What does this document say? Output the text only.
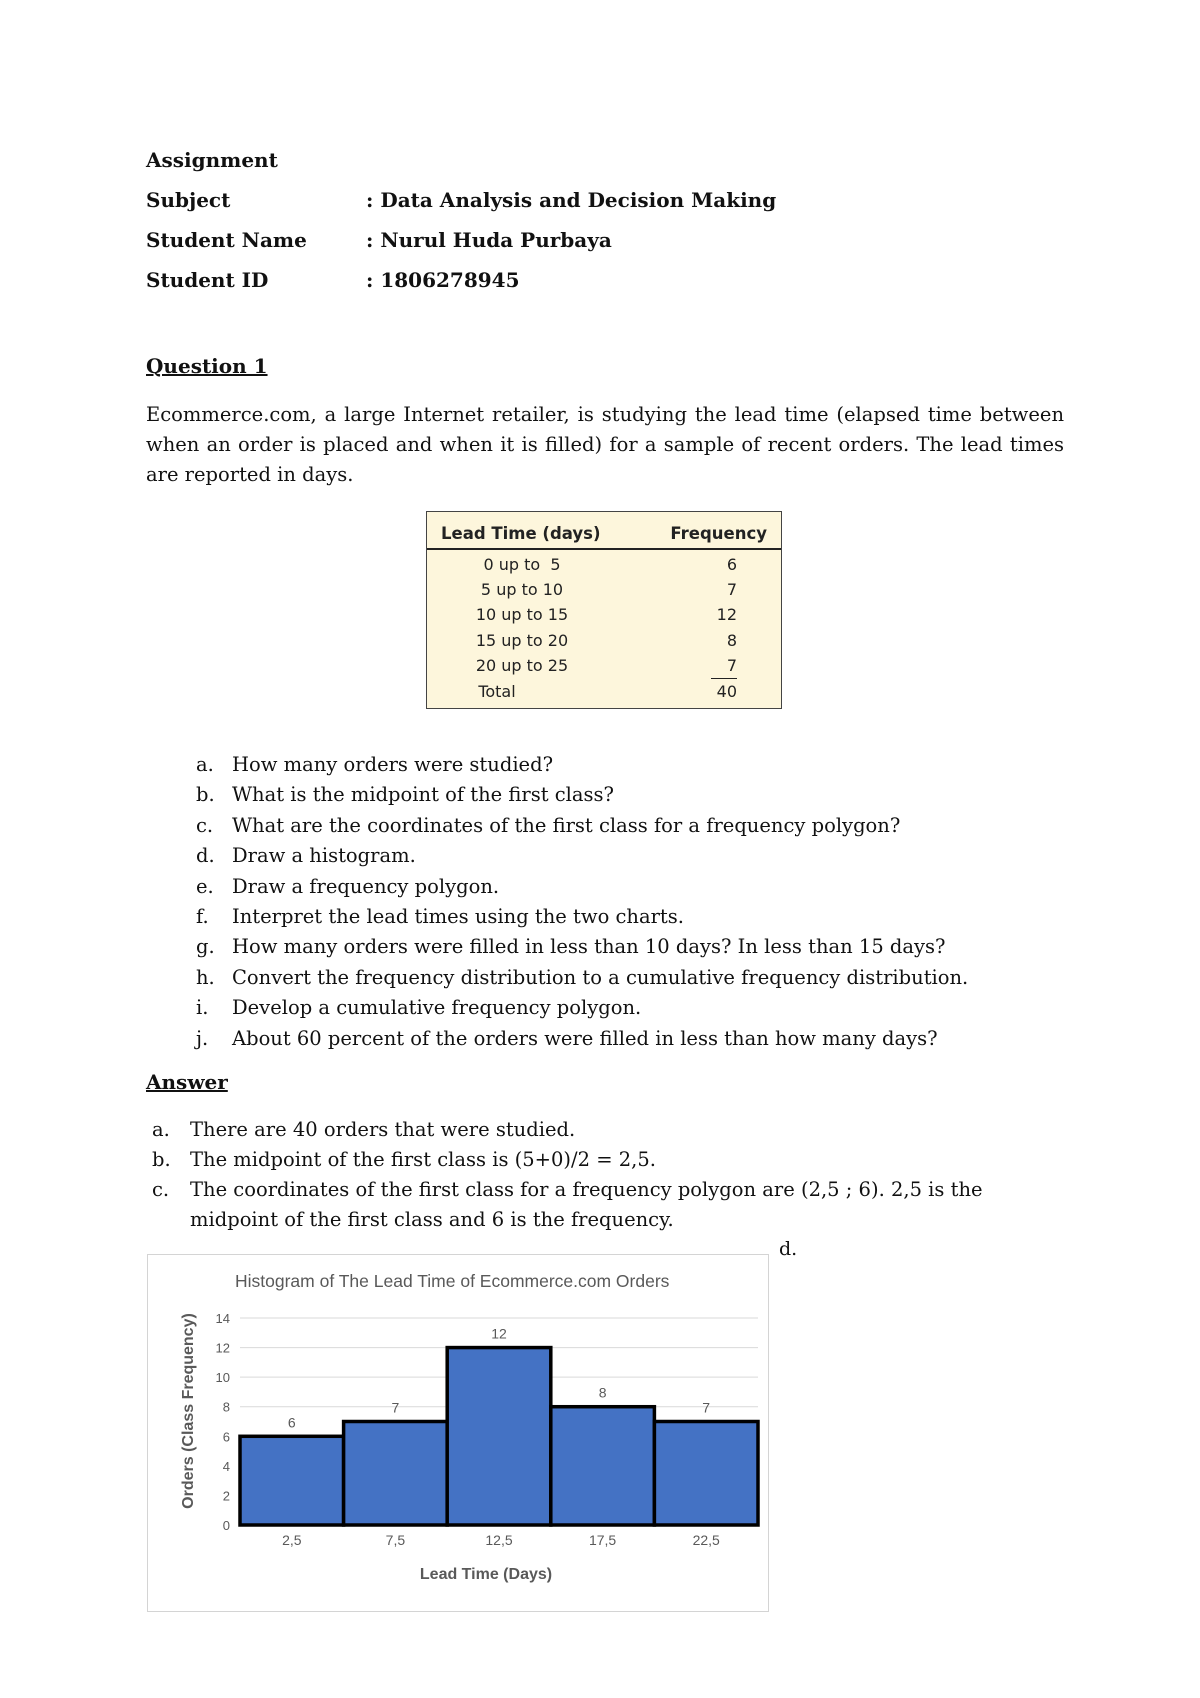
Assignment
Subject	: Data Analysis and Decision Making
Student Name	: Nurul Huda Purbaya
Student ID	: 1806278945
Question 1
Ecommerce.com, a large Internet retailer, is studying the lead time (elapsed time between when an order is placed and when it is filled) for a sample of recent orders. The lead times are reported in days.
Lead Time (days)	Frequency
0 up to  5	6
5 up to 10	7
10 up to 15	12
15 up to 20	8
20 up to 25	7
Total	40
a. How many orders were studied?
b. What is the midpoint of the first class?
c. What are the coordinates of the first class for a frequency polygon?
d. Draw a histogram.
e. Draw a frequency polygon.
f. Interpret the lead times using the two charts.
g. How many orders were filled in less than 10 days? In less than 15 days?
h. Convert the frequency distribution to a cumulative frequency distribution.
i. Develop a cumulative frequency polygon.
j. About 60 percent of the orders were filled in less than how many days?
Answer
a. There are 40 orders that were studied.
b. The midpoint of the first class is (5+0)/2 = 2,5.
c. The coordinates of the first class for a frequency polygon are (2,5 ; 6). 2,5 is the midpoint of the first class and 6 is the frequency.
d.
Histogram of The Lead Time of Ecommerce.com Orders
Lead Time (Days)
Orders (Class Frequency)	6
7
12
8
7
0
2
4
6
8
10
12
14
2,5	7,5	12,5	17,5	22,5
